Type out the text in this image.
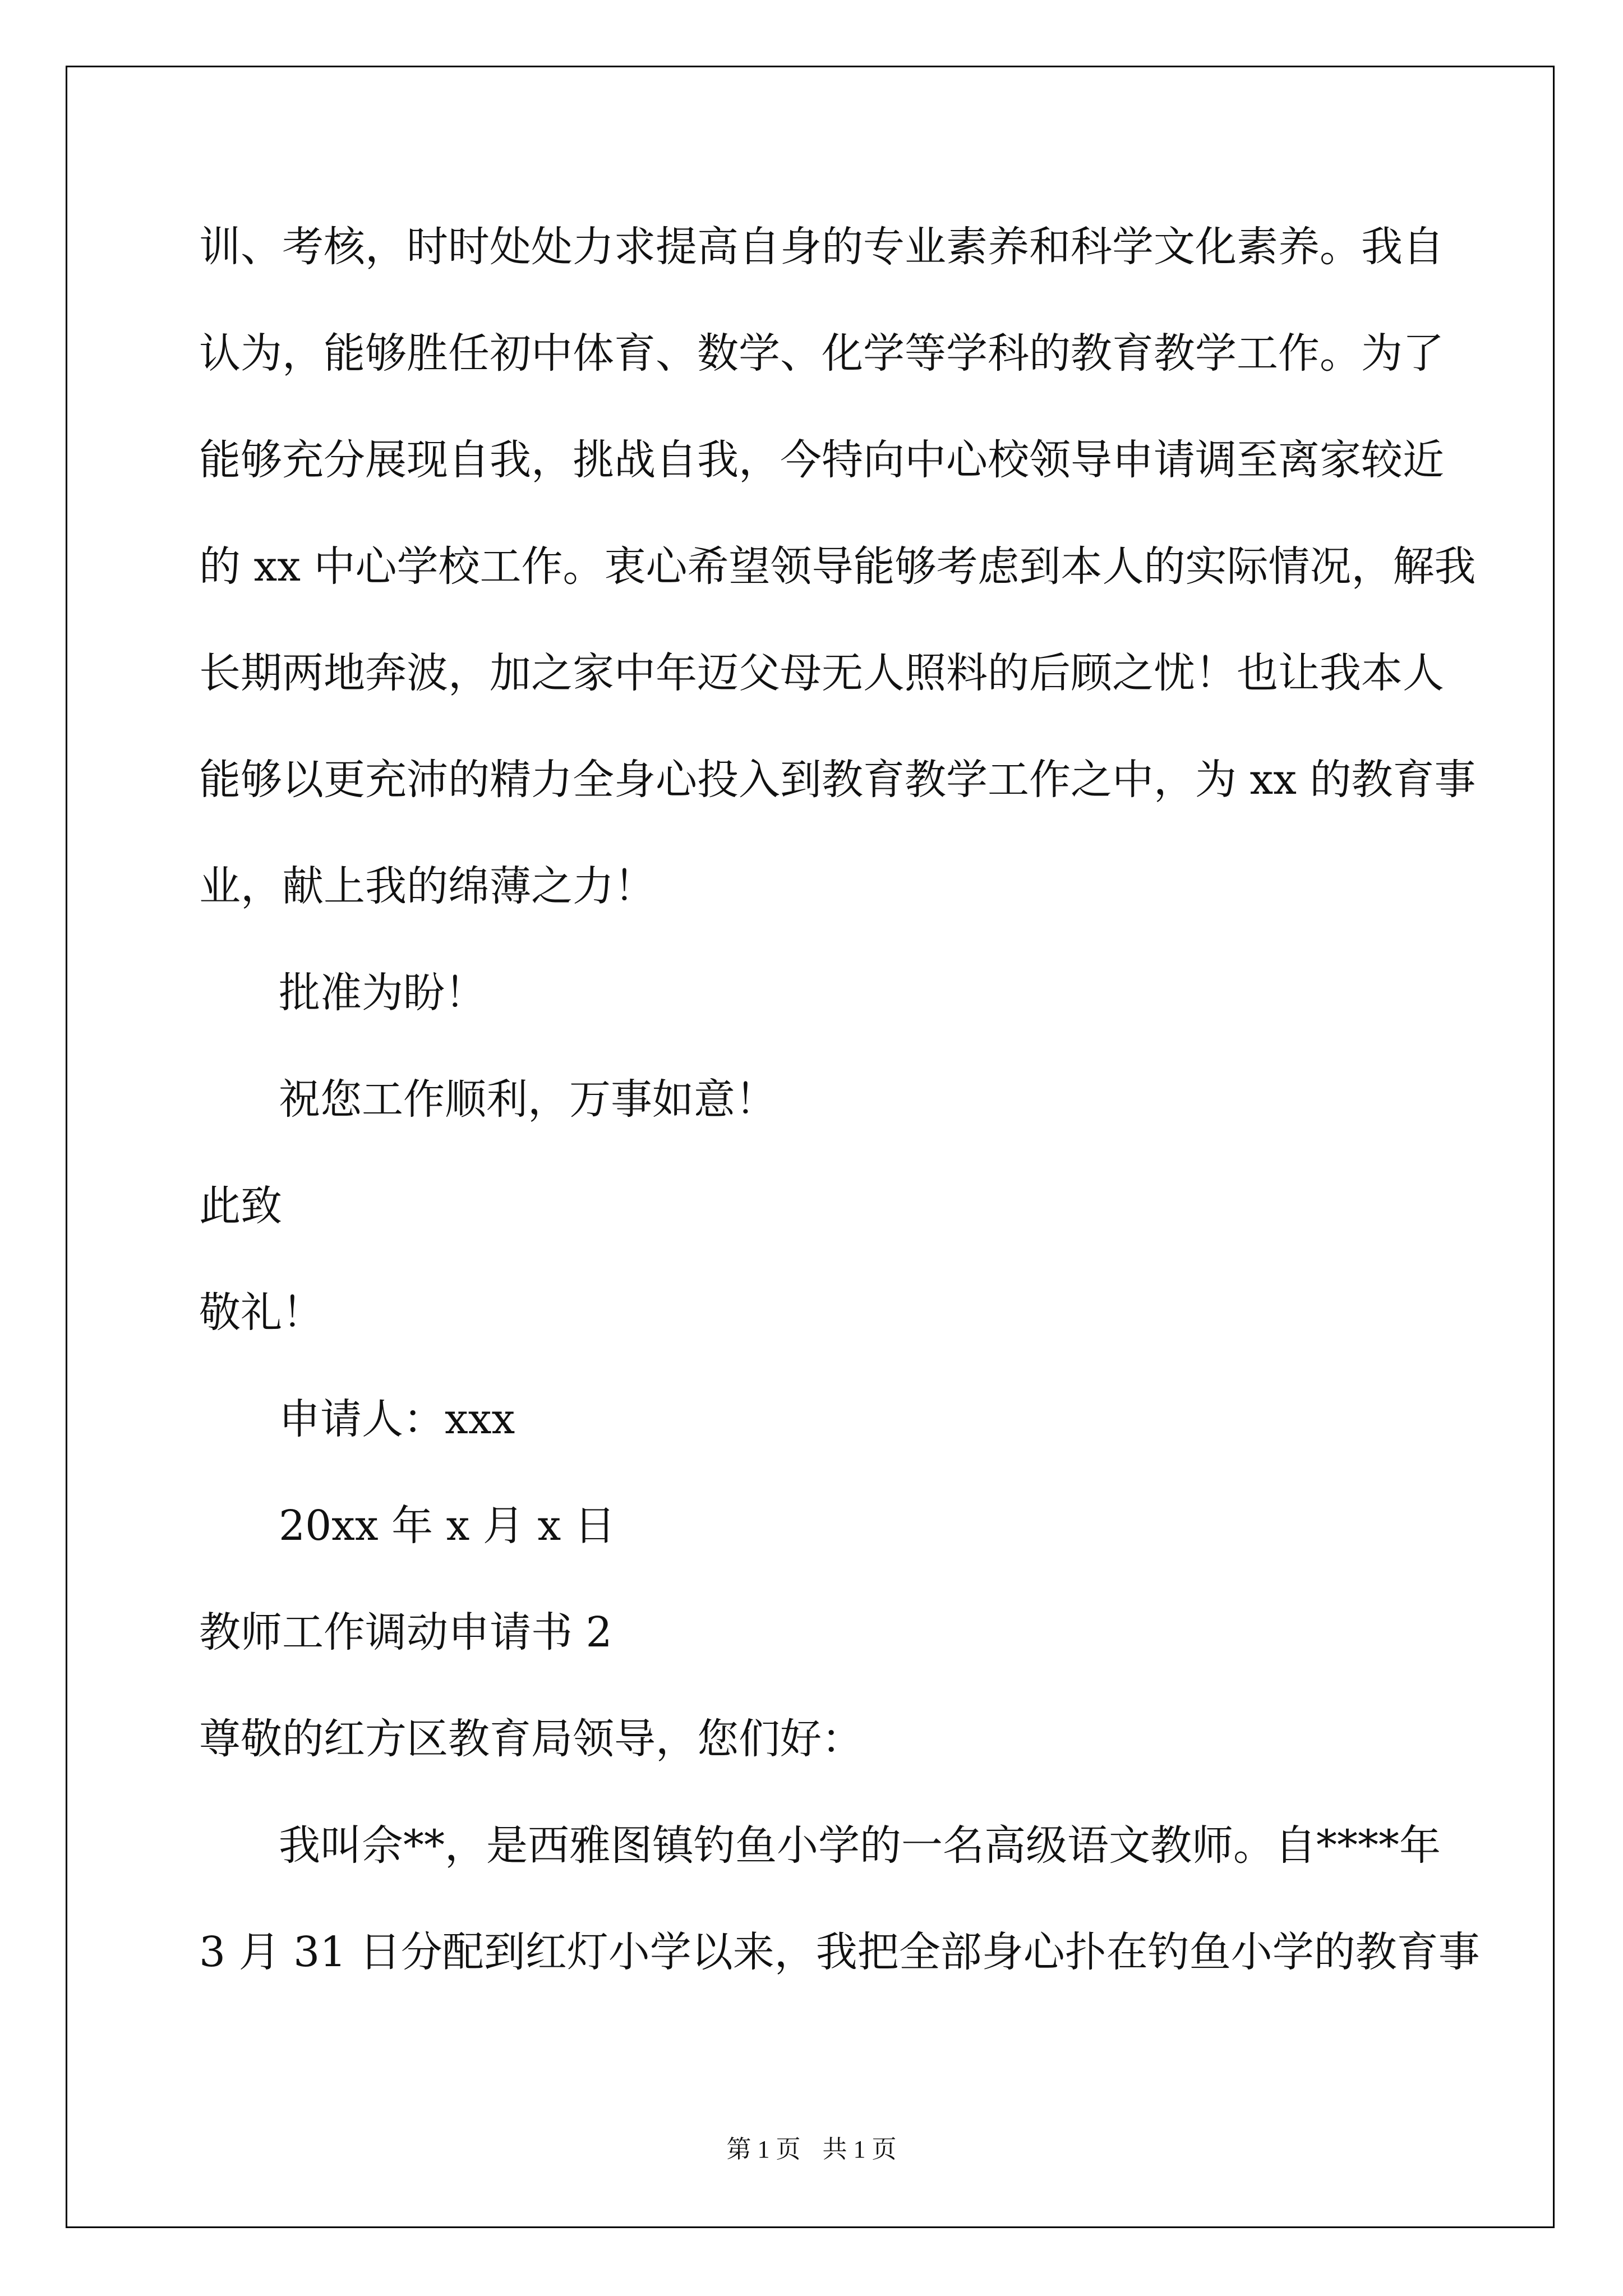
训、考核，时时处处力求提高自身的专业素养和科学文化素养。我自

认为，能够胜任初中体育、数学、化学等学科的教育教学工作。为了

能够充分展现自我，挑战自我，今特向中心校领导申请调至离家较近

的 xx 中心学校工作。衷心希望领导能够考虑到本人的实际情况，解我

长期两地奔波，加之家中年迈父母无人照料的后顾之忧！也让我本人

能够以更充沛的精力全身心投入到教育教学工作之中，为 xx 的教育事

业，献上我的绵薄之力！

批准为盼！

祝您工作顺利，万事如意！

此致

敬礼！

申请人：xxx

20xx 年 x 月 x 日

教师工作调动申请书 2

尊敬的红方区教育局领导，您们好：

我叫佘**，是西雅图镇钓鱼小学的一名高级语文教师。自****年

3 月 31 日分配到红灯小学以来，我把全部身心扑在钓鱼小学的教育事

第 1 页 共 1 页
